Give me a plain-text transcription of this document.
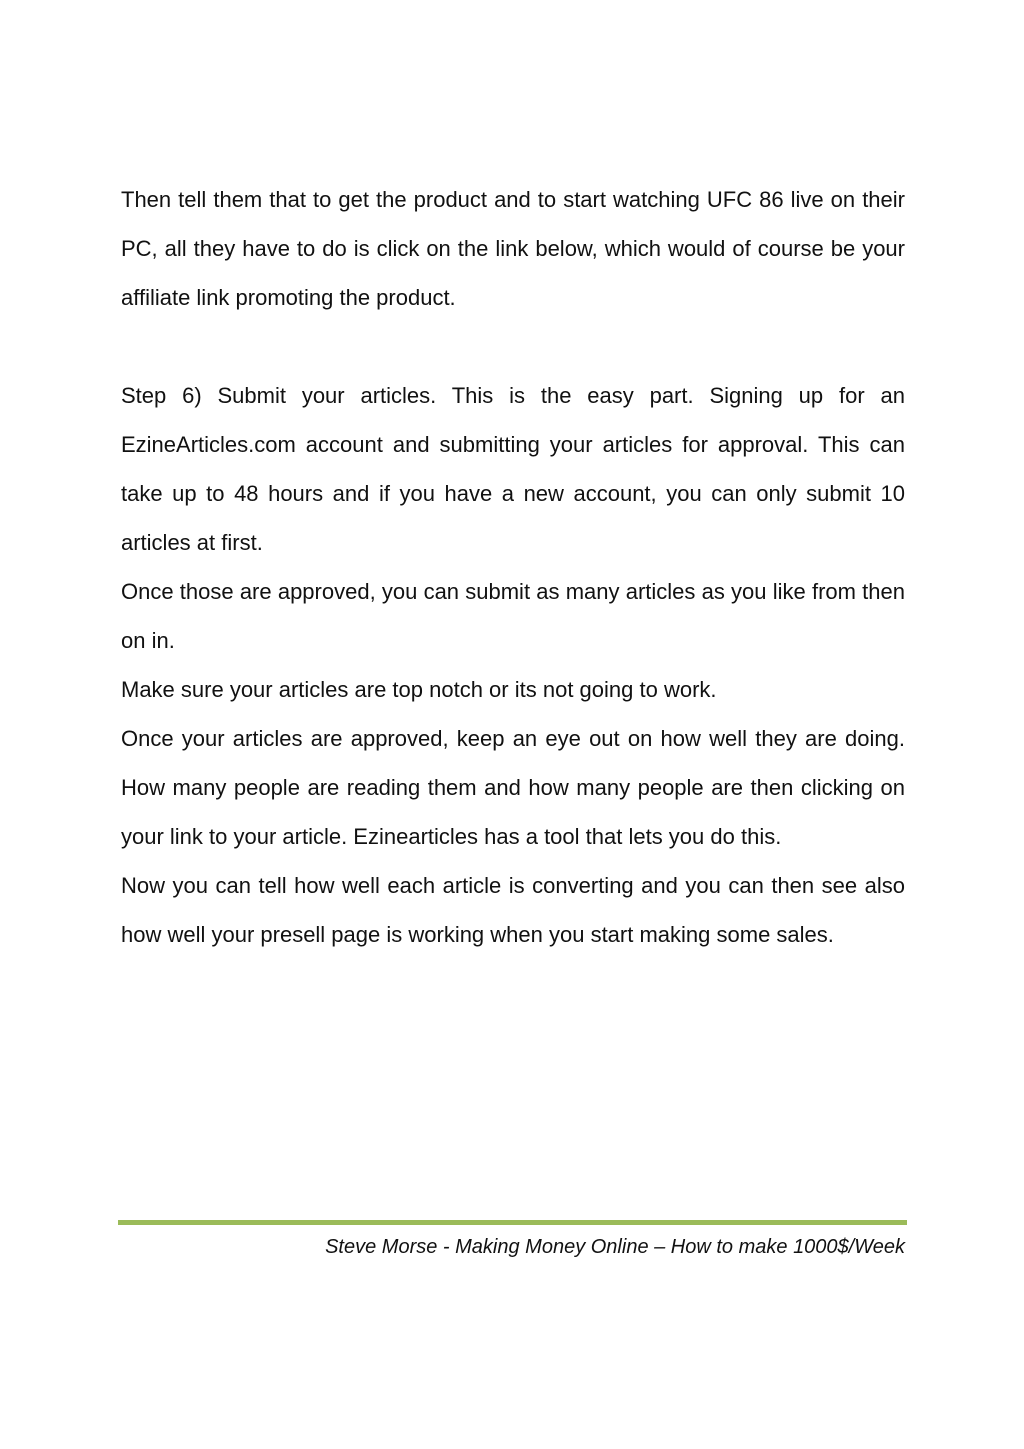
Then tell them that to get the product and to start watching UFC 86 live on their PC, all they have to do is click on the link below, which would of course be your affiliate link promoting the product.

Step 6) Submit your articles. This is the easy part. Signing up for an EzineArticles.com account and submitting your articles for approval. This can take up to 48 hours and if you have a new account, you can only submit 10 articles at first.

Once those are approved, you can submit as many articles as you like from then on in.

Make sure your articles are top notch or its not going to work.

Once your articles are approved, keep an eye out on how well they are doing. How many people are reading them and how many people are then clicking on your link to your article. Ezinearticles has a tool that lets you do this.

Now you can tell how well each article is converting and you can then see also how well your presell page is working when you start making some sales.

Steve Morse - Making Money Online – How to make 1000$/Week
